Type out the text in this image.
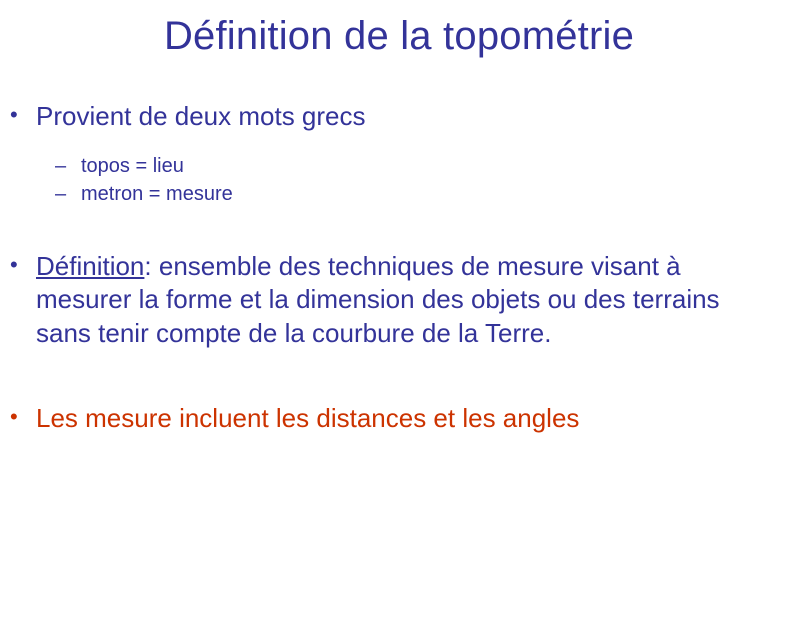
Définition de la topométrie
• Provient de deux mots grecs
– topos = lieu
– metron = mesure
• Définition: ensemble des techniques de mesure visant à mesurer la forme et la dimension des objets ou des terrains sans tenir compte de la courbure de la Terre.
• Les mesure incluent les distances et les angles
